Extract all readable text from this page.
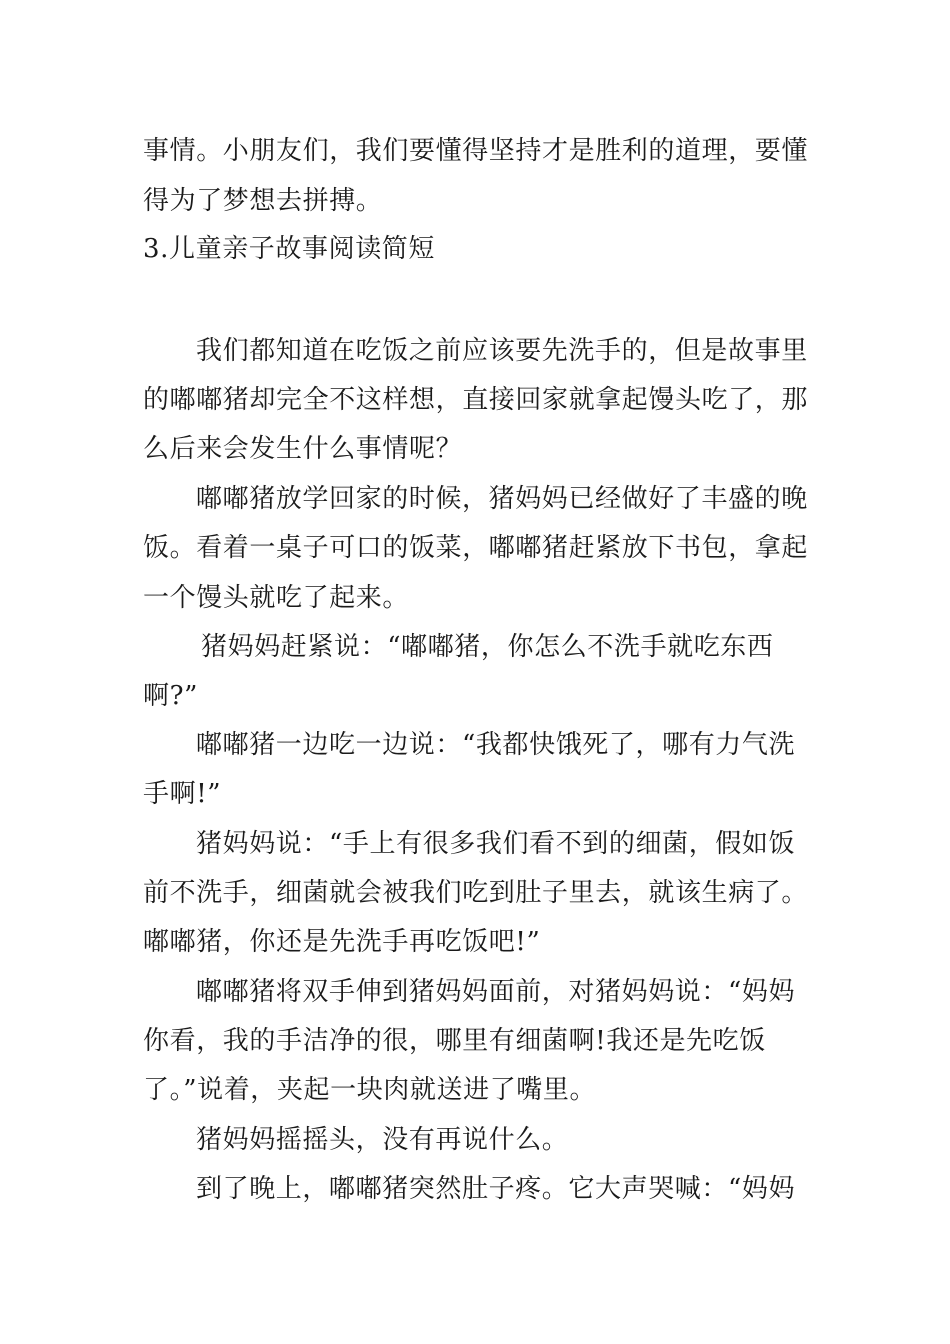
事情。小朋友们，我们要懂得坚持才是胜利的道理，要懂
得为了梦想去拼搏。
3.儿童亲子故事阅读简短
我们都知道在吃饭之前应该要先洗手的，但是故事里
的嘟嘟猪却完全不这样想，直接回家就拿起馒头吃了，那
么后来会发生什么事情呢？
嘟嘟猪放学回家的时候，猪妈妈已经做好了丰盛的晚
饭。看着一桌子可口的饭菜，嘟嘟猪赶紧放下书包，拿起
一个馒头就吃了起来。
猪妈妈赶紧说：“嘟嘟猪，你怎么不洗手就吃东西
啊?”
嘟嘟猪一边吃一边说：“我都快饿死了，哪有力气洗
手啊!”
猪妈妈说：“手上有很多我们看不到的细菌，假如饭
前不洗手，细菌就会被我们吃到肚子里去，就该生病了。
嘟嘟猪，你还是先洗手再吃饭吧!”
嘟嘟猪将双手伸到猪妈妈面前，对猪妈妈说：“妈妈
你看，我的手洁净的很，哪里有细菌啊!我还是先吃饭
了。”说着，夹起一块肉就送进了嘴里。
猪妈妈摇摇头，没有再说什么。
到了晚上，嘟嘟猪突然肚子疼。它大声哭喊：“妈妈
